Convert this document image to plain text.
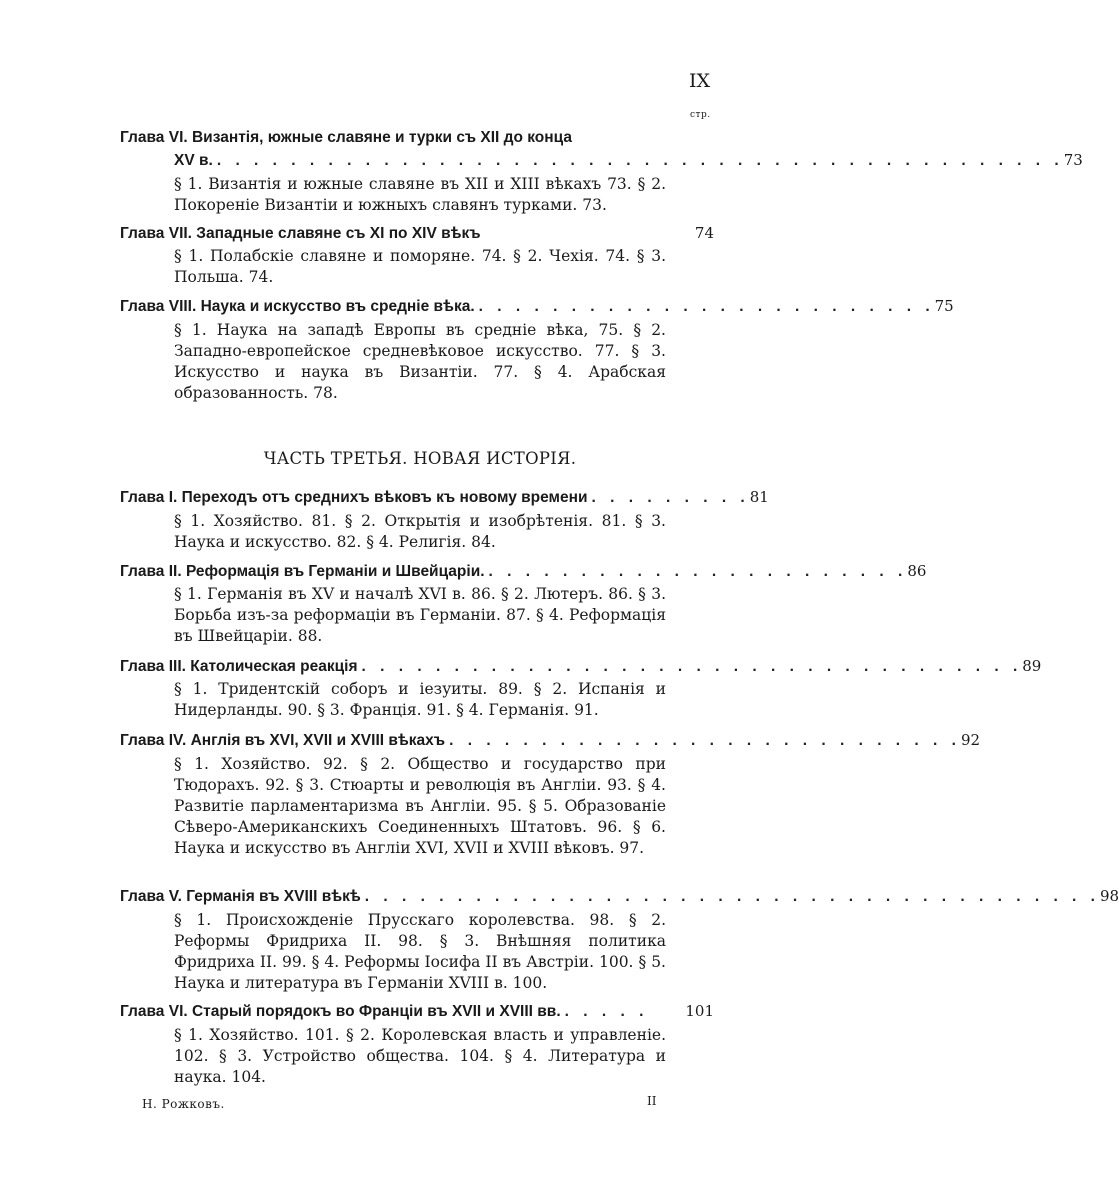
IX
стр.
Глава VI. Византія, южные славяне и турки съ XII до конца
XV в. . . . . . . . . . . . . . . . . . . . . . . . . . . . . . . . . . . . . . . . . . . . . . . 73
§ 1. Византія и южные славяне въ XII и XIII вѣкахъ 73. § 2. Покореніе Византіи и южныхъ славянъ турками. 73.
Глава VII. Западные славяне съ XI по XIV вѣкъ	74
§ 1. Полабскіе славяне и поморяне. 74. § 2. Чехія. 74. § 3. Польша. 74.
Глава VIII. Наука и искусство въ средніе вѣка. . . . . . . . . . . . . . . . . . . . . . . . . . 75
§ 1. Наука на западѣ Европы въ средніе вѣка, 75. § 2. Западно-европейское средневѣковое искусство. 77. § 3. Искусство и наука въ Византіи. 77. § 4. Арабская образованность. 78.
ЧАСТЬ ТРЕТЬЯ. НОВАЯ ИСТОРІЯ.
Глава I. Переходъ отъ среднихъ вѣковъ къ новому времени . . . . . . . . . 81
§ 1. Хозяйство. 81. § 2. Открытія и изобрѣтенія. 81. § 3. Наука и искусство. 82. § 4. Религія. 84.
Глава II. Реформація въ Германіи и Швейцаріи. . . . . . . . . . . . . . . . . . . . . . . . 86
§ 1. Германія въ XV и началѣ XVI в. 86. § 2. Лютеръ. 86. § 3. Борьба изъ-за реформаціи въ Германіи. 87. § 4. Реформація въ Швейцаріи. 88.
Глава III. Католическая реакція . . . . . . . . . . . . . . . . . . . . . . . . . . . . . . . . . . . . 89
§ 1. Тридентскій соборъ и іезуиты. 89. § 2. Испанія и Нидерланды. 90. § 3. Франція. 91. § 4. Германія. 91.
Глава IV. Англія въ XVI, XVII и XVIII вѣкахъ . . . . . . . . . . . . . . . . . . . . . . . . . . . . 92
§ 1. Хозяйство. 92. § 2. Общество и государство при Тюдорахъ. 92. § 3. Стюарты и революція въ Англіи. 93. § 4. Развитіе парламентаризма въ Англіи. 95. § 5. Образованіе Сѣверо-Американскихъ Соединенныхъ Штатовъ. 96. § 6. Наука и искусство въ Англіи XVI, XVII и XVIII вѣковъ. 97.
Глава V. Германія въ XVIII вѣкѣ . . . . . . . . . . . . . . . . . . . . . . . . . . . . . . . . . . . . . . . . 98
§ 1. Происхожденіе Прусскаго королевства. 98. § 2. Реформы Фридриха II. 98. § 3. Внѣшняя политика Фридриха II. 99. § 4. Реформы Іосифа II въ Австріи. 100. § 5. Наука и литература въ Германіи XVIII в. 100.
Глава VI. Старый порядокъ во Франціи въ XVII и XVIII вв. . . . . .	101
§ 1. Хозяйство. 101. § 2. Королевская власть и управленіе. 102. § 3. Устройство общества. 104. § 4. Литература и наука. 104.
Н. Рожковъ.	II
